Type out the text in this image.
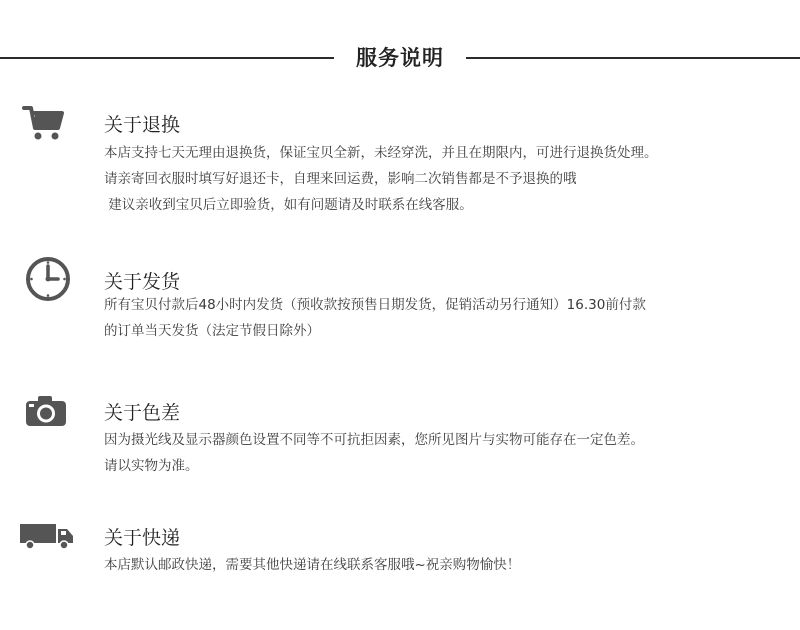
服务说明
关于退换
本店支持七天无理由退换货，保证宝贝全新，未经穿洗，并且在期限内，可进行退换货处理。
请亲寄回衣服时填写好退还卡，自理来回运费，影响二次销售都是不予退换的哦
建议亲收到宝贝后立即验货，如有问题请及时联系在线客服。
关于发货
所有宝贝付款后48小时内发货（预收款按预售日期发货，促销活动另行通知）16.30前付款
的订单当天发货（法定节假日除外）
关于色差
因为摄光线及显示器颜色设置不同等不可抗拒因素，您所见图片与实物可能存在一定色差。
请以实物为准。
关于快递
本店默认邮政快递，需要其他快递请在线联系客服哦~祝亲购物愉快！
